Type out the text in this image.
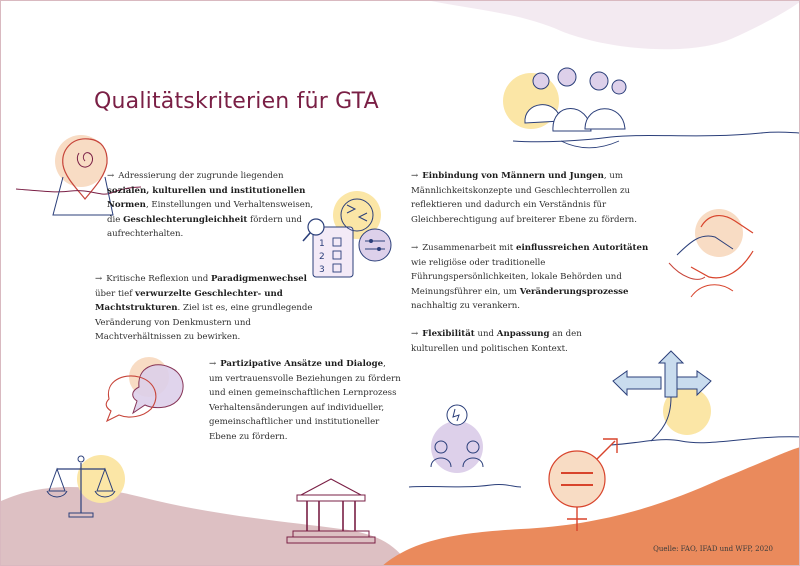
1
2
3
Qualitätskriterien für GTA
→ Adressierung der zugrunde liegenden sozialen, kulturellen und institutionellen Normen, Einstellungen und Verhaltensweisen, die Geschlechterungleichheit fördern und aufrechterhalten.
→ Kritische Reflexion und Paradigmenwechsel über tief verwurzelte Geschlechter- und Machtstrukturen. Ziel ist es, eine grundlegende Veränderung von Denkmustern und Machtverhältnissen zu bewirken.
→ Partizipative Ansätze und Dialoge, um vertrauensvolle Beziehungen zu fördern und einen gemeinschaftlichen Lernprozess Verhaltensänderungen auf individueller, gemeinschaftlicher und institutioneller Ebene zu fördern.
→ Einbindung von Männern und Jungen, um Männlichkeitskonzepte und Geschlechterrollen zu reflektieren und dadurch ein Verständnis für Gleichberechtigung auf breiterer Ebene zu fördern.
→ Zusammenarbeit mit einflussreichen Autoritäten wie religiöse oder traditionelle Führungspersönlichkeiten, lokale Behörden und Meinungsführer ein, um Veränderungsprozesse nachhaltig zu verankern.
→ Flexibilität und Anpassung an den kulturellen und politischen Kontext.
Quelle: FAO, IFAD und WFP, 2020
